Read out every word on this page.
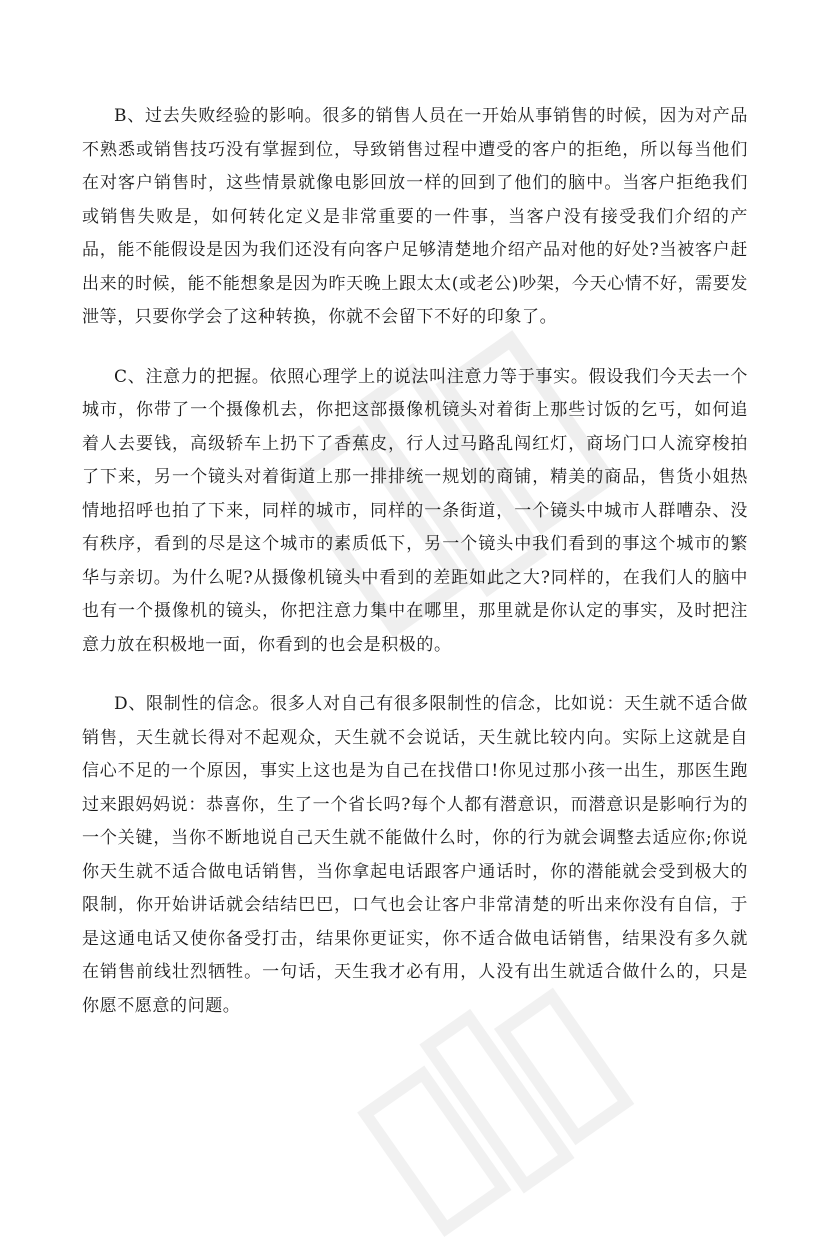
B、过去失败经验的影响。很多的销售人员在一开始从事销售的时候，因为对产品不熟悉或销售技巧没有掌握到位，导致销售过程中遭受的客户的拒绝，所以每当他们在对客户销售时，这些情景就像电影回放一样的回到了他们的脑中。当客户拒绝我们或销售失败是，如何转化定义是非常重要的一件事，当客户没有接受我们介绍的产品，能不能假设是因为我们还没有向客户足够清楚地介绍产品对他的好处?当被客户赶出来的时候，能不能想象是因为昨天晚上跟太太(或老公)吵架，今天心情不好，需要发泄等，只要你学会了这种转换，你就不会留下不好的印象了。

C、注意力的把握。依照心理学上的说法叫注意力等于事实。假设我们今天去一个城市，你带了一个摄像机去，你把这部摄像机镜头对着街上那些讨饭的乞丐，如何追着人去要钱，高级轿车上扔下了香蕉皮，行人过马路乱闯红灯，商场门口人流穿梭拍了下来，另一个镜头对着街道上那一排排统一规划的商铺，精美的商品，售货小姐热情地招呼也拍了下来，同样的城市，同样的一条街道，一个镜头中城市人群嘈杂、没有秩序，看到的尽是这个城市的素质低下，另一个镜头中我们看到的事这个城市的繁华与亲切。为什么呢?从摄像机镜头中看到的差距如此之大?同样的，在我们人的脑中也有一个摄像机的镜头，你把注意力集中在哪里，那里就是你认定的事实，及时把注意力放在积极地一面，你看到的也会是积极的。

D、限制性的信念。很多人对自己有很多限制性的信念，比如说：天生就不适合做销售，天生就长得对不起观众，天生就不会说话，天生就比较内向。实际上这就是自信心不足的一个原因，事实上这也是为自己在找借口!你见过那小孩一出生，那医生跑过来跟妈妈说：恭喜你，生了一个省长吗?每个人都有潜意识，而潜意识是影响行为的一个关键，当你不断地说自己天生就不能做什么时，你的行为就会调整去适应你;你说你天生就不适合做电话销售，当你拿起电话跟客户通话时，你的潜能就会受到极大的限制，你开始讲话就会结结巴巴，口气也会让客户非常清楚的听出来你没有自信，于是这通电话又使你备受打击，结果你更证实，你不适合做电话销售，结果没有多久就在销售前线壮烈牺牲。一句话，天生我才必有用，人没有出生就适合做什么的，只是你愿不愿意的问题。
